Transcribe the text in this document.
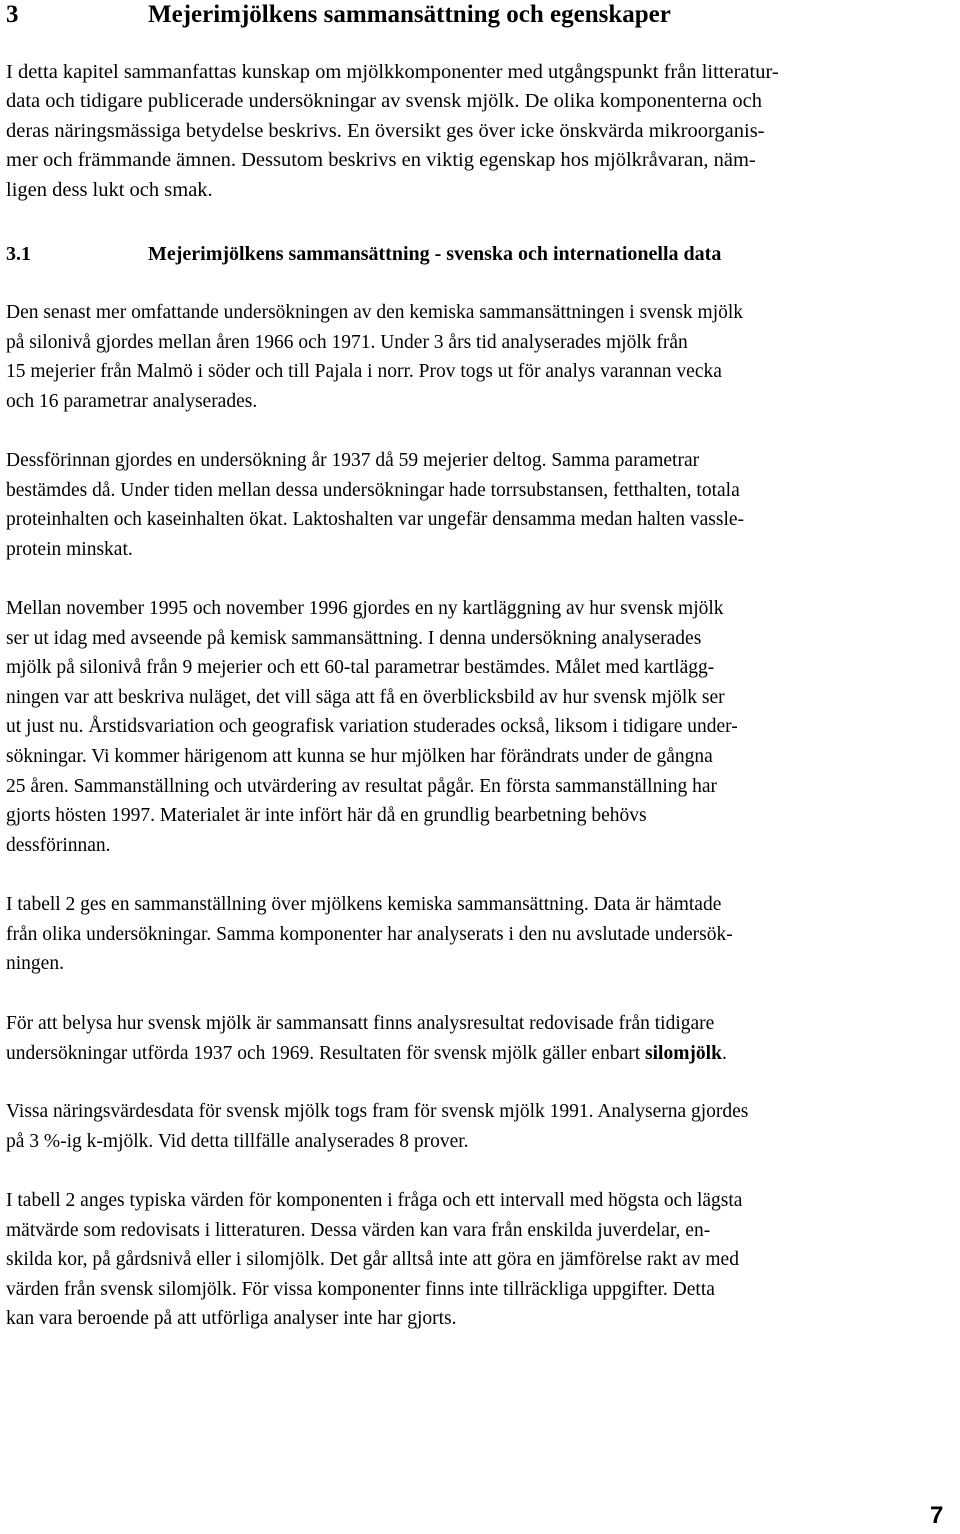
3	Mejerimjölkens sammansättning och egenskaper

I detta kapitel sammanfattas kunskap om mjölkkomponenter med utgångspunkt från litteratur-
data och tidigare publicerade undersökningar av svensk mjölk. De olika komponenterna och
deras näringsmässiga betydelse beskrivs. En översikt ges över icke önskvärda mikroorganis-
mer och främmande ämnen. Dessutom beskrivs en viktig egenskap hos mjölkråvaran, näm-
ligen dess lukt och smak.

3.1	Mejerimjölkens sammansättning - svenska och internationella data

Den senast mer omfattande undersökningen av den kemiska sammansättningen i svensk mjölk
på silonivå gjordes mellan åren 1966 och 1971. Under 3 års tid analyserades mjölk från
15 mejerier från Malmö i söder och till Pajala i norr. Prov togs ut för analys varannan vecka
och 16 parametrar analyserades.

Dessförinnan gjordes en undersökning år 1937 då 59 mejerier deltog. Samma parametrar
bestämdes då. Under tiden mellan dessa undersökningar hade torrsubstansen, fetthalten, totala
proteinhalten och kaseinhalten ökat. Laktoshalten var ungefär densamma medan halten vassle-
protein minskat.

Mellan november 1995 och november 1996 gjordes en ny kartläggning av hur svensk mjölk
ser ut idag med avseende på kemisk sammansättning. I denna undersökning analyserades
mjölk på silonivå från 9 mejerier och ett 60-tal parametrar bestämdes. Målet med kartlägg-
ningen var att beskriva nuläget, det vill säga att få en överblicksbild av hur svensk mjölk ser
ut just nu. Årstidsvariation och geografisk variation studerades också, liksom i tidigare under-
sökningar. Vi kommer härigenom att kunna se hur mjölken har förändrats under de gångna
25 åren. Sammanställning och utvärdering av resultat pågår. En första sammanställning har
gjorts hösten 1997. Materialet är inte infört här då en grundlig bearbetning behövs
dessförinnan.

I tabell 2 ges en sammanställning över mjölkens kemiska sammansättning. Data är hämtade
från olika undersökningar. Samma komponenter har analyserats i den nu avslutade undersök-
ningen.

För att belysa hur svensk mjölk är sammansatt finns analysresultat redovisade från tidigare
undersökningar utförda 1937 och 1969. Resultaten för svensk mjölk gäller enbart silomjölk.

Vissa näringsvärdesdata för svensk mjölk togs fram för svensk mjölk 1991. Analyserna gjordes
på 3 %-ig k-mjölk. Vid detta tillfälle analyserades 8 prover.

I tabell 2 anges typiska värden för komponenten i fråga och ett intervall med högsta och lägsta
mätvärde som redovisats i litteraturen. Dessa värden kan vara från enskilda juverdelar, en-
skilda kor, på gårdsnivå eller i silomjölk. Det går alltså inte att göra en jämförelse rakt av med
värden från svensk silomjölk. För vissa komponenter finns inte tillräckliga uppgifter. Detta
kan vara beroende på att utförliga analyser inte har gjorts.

7
